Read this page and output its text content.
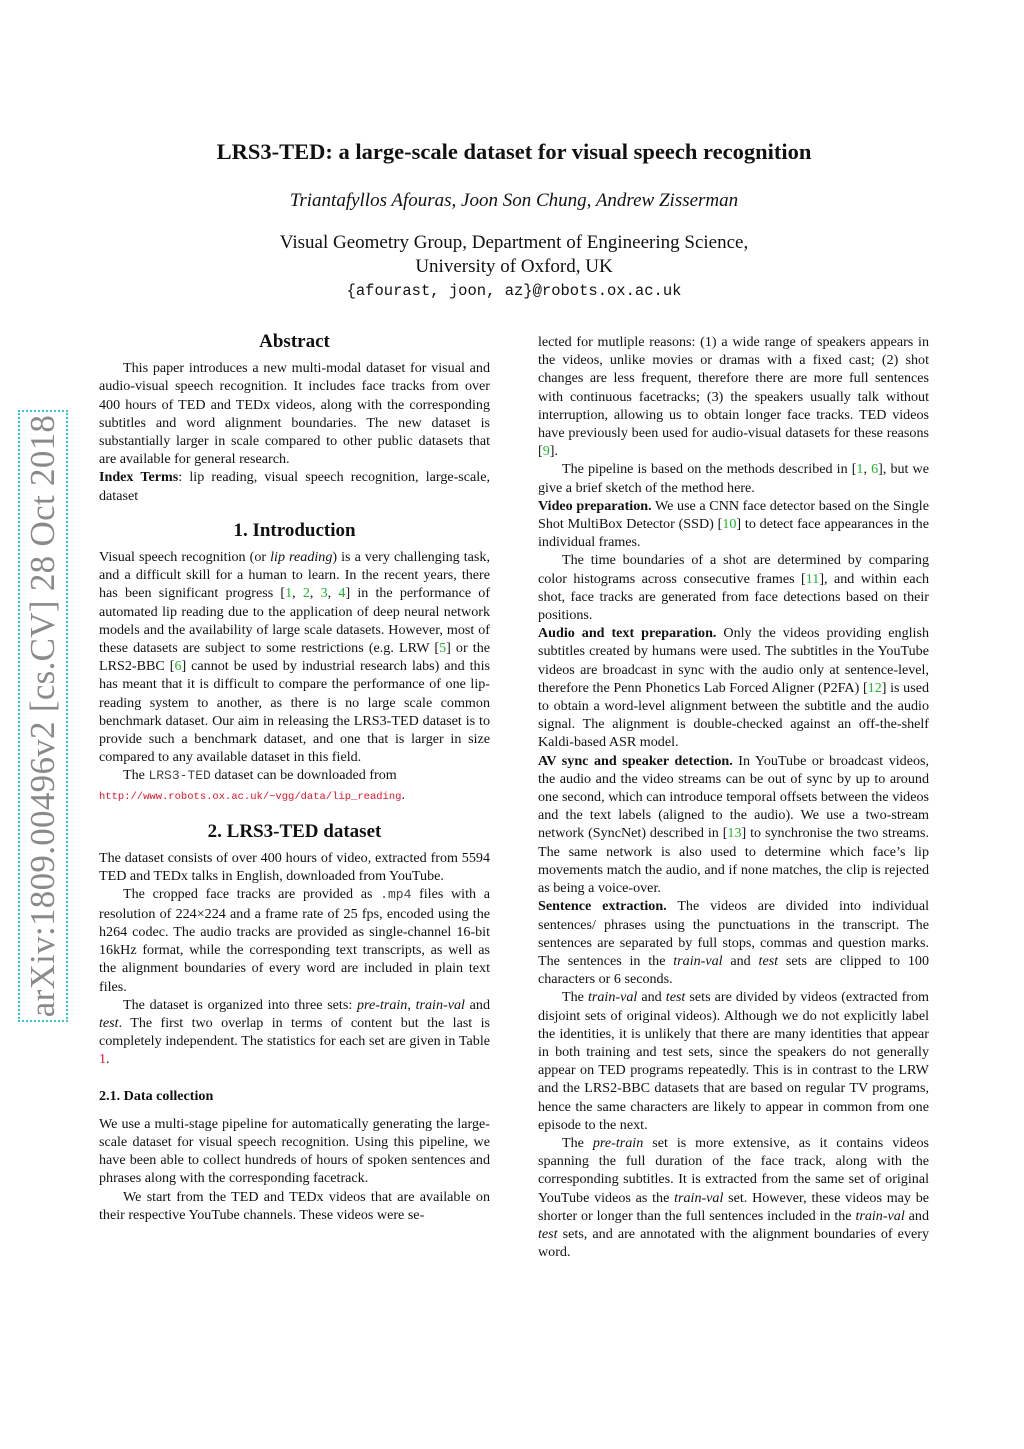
arXiv:1809.00496v2 [cs.CV] 28 Oct 2018
LRS3-TED: a large-scale dataset for visual speech recognition
Triantafyllos Afouras, Joon Son Chung, Andrew Zisserman
Visual Geometry Group, Department of Engineering Science,
University of Oxford, UK
{afourast, joon, az}@robots.ox.ac.uk
Abstract

This paper introduces a new multi-modal dataset for visual and audio-visual speech recognition. It includes face tracks from over 400 hours of TED and TEDx videos, along with the corresponding subtitles and word alignment boundaries. The new dataset is substantially larger in scale compared to other public datasets that are available for general research.

Index Terms: lip reading, visual speech recognition, large-scale, dataset

1. Introduction

Visual speech recognition (or lip reading) is a very challenging task, and a difficult skill for a human to learn. In the recent years, there has been significant progress [1, 2, 3, 4] in the performance of automated lip reading due to the application of deep neural network models and the availability of large scale datasets. However, most of these datasets are subject to some restrictions (e.g. LRW [5] or the LRS2-BBC [6] cannot be used by industrial research labs) and this has meant that it is difficult to compare the performance of one lip-reading system to another, as there is no large scale common benchmark dataset. Our aim in releasing the LRS3-TED dataset is to provide such a benchmark dataset, and one that is larger in size compared to any available dataset in this field.

The LRS3-TED dataset can be downloaded from
http://www.robots.ox.ac.uk/~vgg/data/lip_reading.

2. LRS3-TED dataset

The dataset consists of over 400 hours of video, extracted from 5594 TED and TEDx talks in English, downloaded from YouTube.

The cropped face tracks are provided as .mp4 files with a resolution of 224×224 and a frame rate of 25 fps, encoded using the h264 codec. The audio tracks are provided as single-channel 16-bit 16kHz format, while the corresponding text transcripts, as well as the alignment boundaries of every word are included in plain text files.

The dataset is organized into three sets: pre-train, train-val and test. The first two overlap in terms of content but the last is completely independent. The statistics for each set are given in Table 1.

2.1. Data collection

We use a multi-stage pipeline for automatically generating the large-scale dataset for visual speech recognition. Using this pipeline, we have been able to collect hundreds of hours of spoken sentences and phrases along with the corresponding facetrack.

We start from the TED and TEDx videos that are available on their respective YouTube channels. These videos were se-

lected for mutliple reasons: (1) a wide range of speakers appears in the videos, unlike movies or dramas with a fixed cast; (2) shot changes are less frequent, therefore there are more full sentences with continuous facetracks; (3) the speakers usually talk without interruption, allowing us to obtain longer face tracks. TED videos have previously been used for audio-visual datasets for these reasons [9].

The pipeline is based on the methods described in [1, 6], but we give a brief sketch of the method here.

Video preparation. We use a CNN face detector based on the Single Shot MultiBox Detector (SSD) [10] to detect face appearances in the individual frames.

The time boundaries of a shot are determined by comparing color histograms across consecutive frames [11], and within each shot, face tracks are generated from face detections based on their positions.

Audio and text preparation. Only the videos providing english subtitles created by humans were used. The subtitles in the YouTube videos are broadcast in sync with the audio only at sentence-level, therefore the Penn Phonetics Lab Forced Aligner (P2FA) [12] is used to obtain a word-level alignment between the subtitle and the audio signal. The alignment is double-checked against an off-the-shelf Kaldi-based ASR model.

AV sync and speaker detection. In YouTube or broadcast videos, the audio and the video streams can be out of sync by up to around one second, which can introduce temporal offsets between the videos and the text labels (aligned to the audio). We use a two-stream network (SyncNet) described in [13] to synchronise the two streams. The same network is also used to determine which face’s lip movements match the audio, and if none matches, the clip is rejected as being a voice-over.

Sentence extraction. The videos are divided into individual sentences/ phrases using the punctuations in the transcript. The sentences are separated by full stops, commas and question marks. The sentences in the train-val and test sets are clipped to 100 characters or 6 seconds.

The train-val and test sets are divided by videos (extracted from disjoint sets of original videos). Although we do not explicitly label the identities, it is unlikely that there are many identities that appear in both training and test sets, since the speakers do not generally appear on TED programs repeatedly. This is in contrast to the LRW and the LRS2-BBC datasets that are based on regular TV programs, hence the same characters are likely to appear in common from one episode to the next.

The pre-train set is more extensive, as it contains videos spanning the full duration of the face track, along with the corresponding subtitles. It is extracted from the same set of original YouTube videos as the train-val set. However, these videos may be shorter or longer than the full sentences included in the train-val and test sets, and are annotated with the alignment boundaries of every word.
